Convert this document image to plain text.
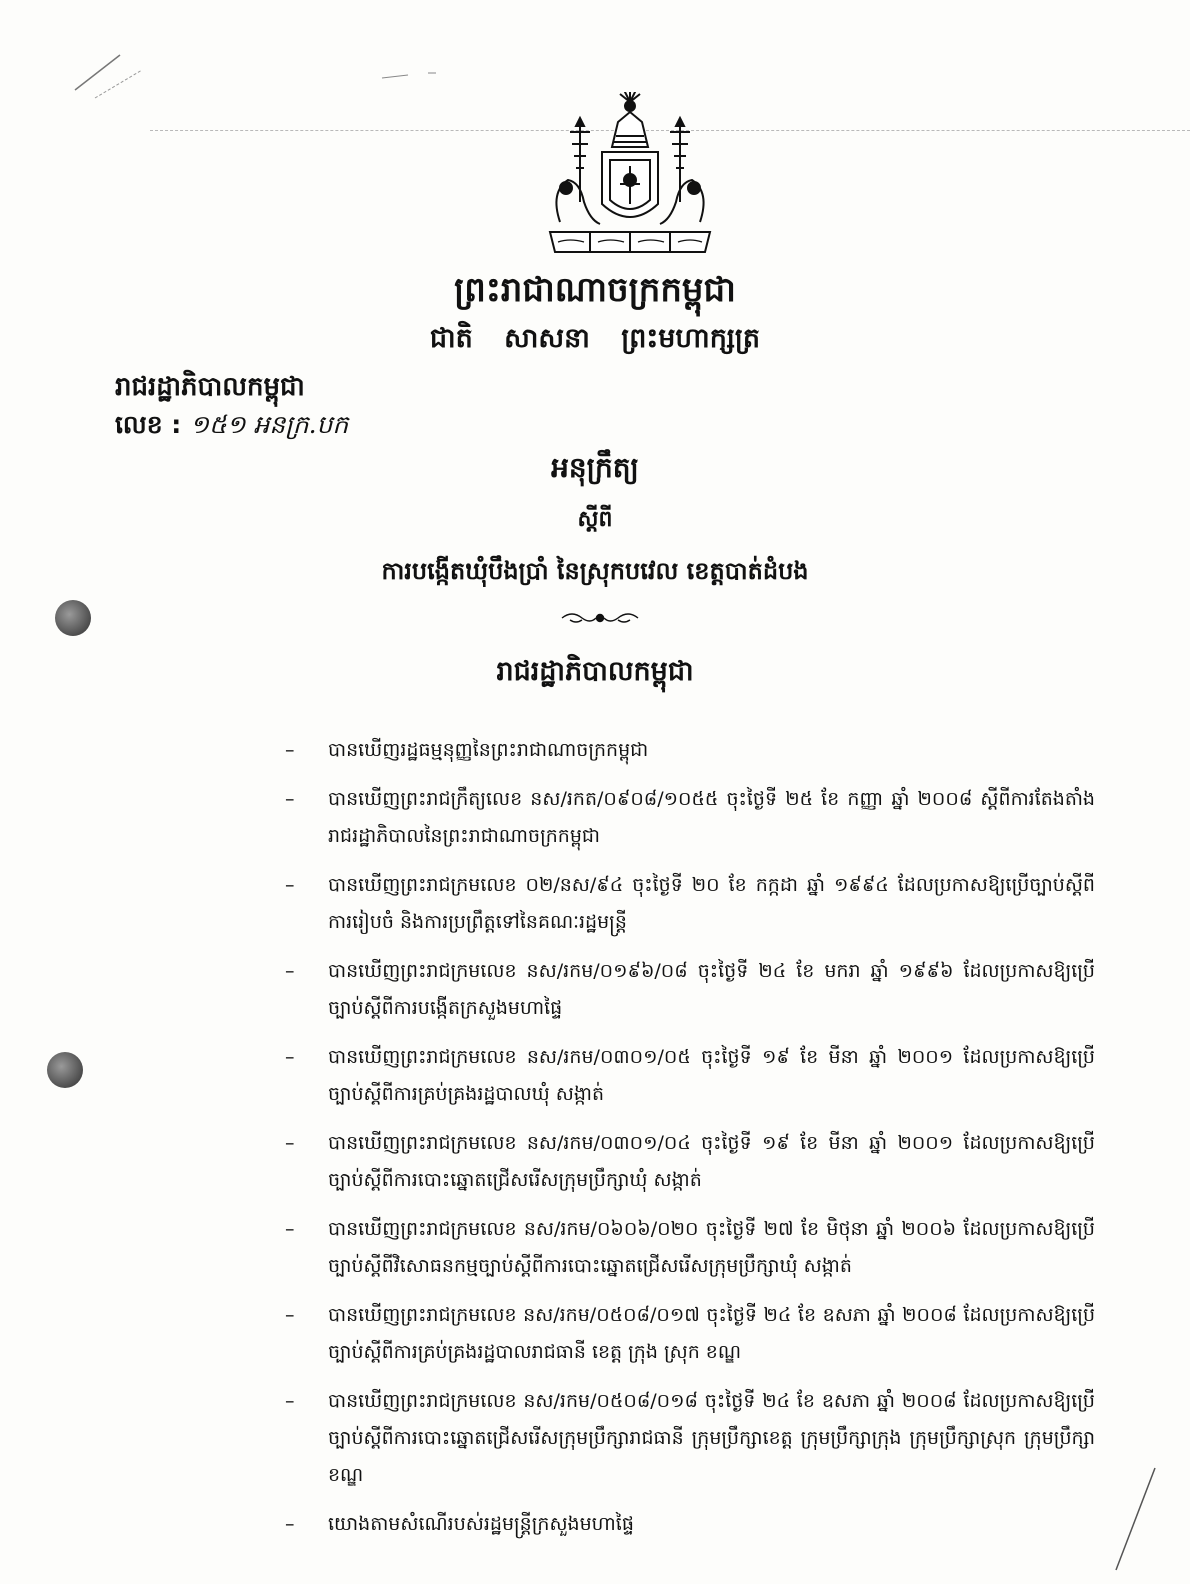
ព្រះរាជាណាចក្រកម្ពុជា
ជាតិ សាសនា ព្រះមហាក្សត្រ
រាជរដ្ឋាភិបាលកម្ពុជា
លេខ : ១៥១ អនក្រ.បក
អនុក្រឹត្យ
ស្តីពី
ការបង្កើតឃុំបឹងប្រាំ នៃស្រុកបវេល ខេត្តបាត់ដំបង
រាជរដ្ឋាភិបាលកម្ពុជា
– បានឃើញរដ្ឋធម្មនុញ្ញនៃព្រះរាជាណាចក្រកម្ពុជា
– បានឃើញព្រះរាជក្រឹត្យលេខ នស/រកត/០៩០៨/១០៥៥ ចុះថ្ងៃទី ២៥ ខែ កញ្ញា ឆ្នាំ ២០០៨ ស្តីពីការតែងតាំងរាជរដ្ឋាភិបាលនៃព្រះរាជាណាចក្រកម្ពុជា
– បានឃើញព្រះរាជក្រមលេខ ០២/នស/៩៤ ចុះថ្ងៃទី ២០ ខែ កក្កដា ឆ្នាំ ១៩៩៤ ដែលប្រកាសឱ្យប្រើច្បាប់ស្តីពីការរៀបចំ និងការប្រព្រឹត្តទៅនៃគណៈរដ្ឋមន្ត្រី
– បានឃើញព្រះរាជក្រមលេខ នស/រកម/០១៩៦/០៨ ចុះថ្ងៃទី ២៤ ខែ មករា ឆ្នាំ ១៩៩៦ ដែលប្រកាសឱ្យប្រើច្បាប់ស្តីពីការបង្កើតក្រសួងមហាផ្ទៃ
– បានឃើញព្រះរាជក្រមលេខ នស/រកម/០៣០១/០៥ ចុះថ្ងៃទី ១៩ ខែ មីនា ឆ្នាំ ២០០១ ដែលប្រកាសឱ្យប្រើច្បាប់ស្តីពីការគ្រប់គ្រងរដ្ឋបាលឃុំ សង្កាត់
– បានឃើញព្រះរាជក្រមលេខ នស/រកម/០៣០១/០៤ ចុះថ្ងៃទី ១៩ ខែ មីនា ឆ្នាំ ២០០១ ដែលប្រកាសឱ្យប្រើច្បាប់ស្តីពីការបោះឆ្នោតជ្រើសរើសក្រុមប្រឹក្សាឃុំ សង្កាត់
– បានឃើញព្រះរាជក្រមលេខ នស/រកម/០៦០៦/០២០ ចុះថ្ងៃទី ២៧ ខែ មិថុនា ឆ្នាំ ២០០៦ ដែលប្រកាសឱ្យប្រើច្បាប់ស្តីពីវិសោធនកម្មច្បាប់ស្តីពីការបោះឆ្នោតជ្រើសរើសក្រុមប្រឹក្សាឃុំ សង្កាត់
– បានឃើញព្រះរាជក្រមលេខ នស/រកម/០៥០៨/០១៧ ចុះថ្ងៃទី ២៤ ខែ ឧសភា ឆ្នាំ ២០០៨ ដែលប្រកាសឱ្យប្រើច្បាប់ស្តីពីការគ្រប់គ្រងរដ្ឋបាលរាជធានី ខេត្ត ក្រុង ស្រុក ខណ្ឌ
– បានឃើញព្រះរាជក្រមលេខ នស/រកម/០៥០៨/០១៨ ចុះថ្ងៃទី ២៤ ខែ ឧសភា ឆ្នាំ ២០០៨ ដែលប្រកាសឱ្យប្រើច្បាប់ស្តីពីការបោះឆ្នោតជ្រើសរើសក្រុមប្រឹក្សារាជធានី ក្រុមប្រឹក្សាខេត្ត ក្រុមប្រឹក្សាក្រុង ក្រុមប្រឹក្សាស្រុក ក្រុមប្រឹក្សាខណ្ឌ
– យោងតាមសំណើរបស់រដ្ឋមន្ត្រីក្រសួងមហាផ្ទៃ
